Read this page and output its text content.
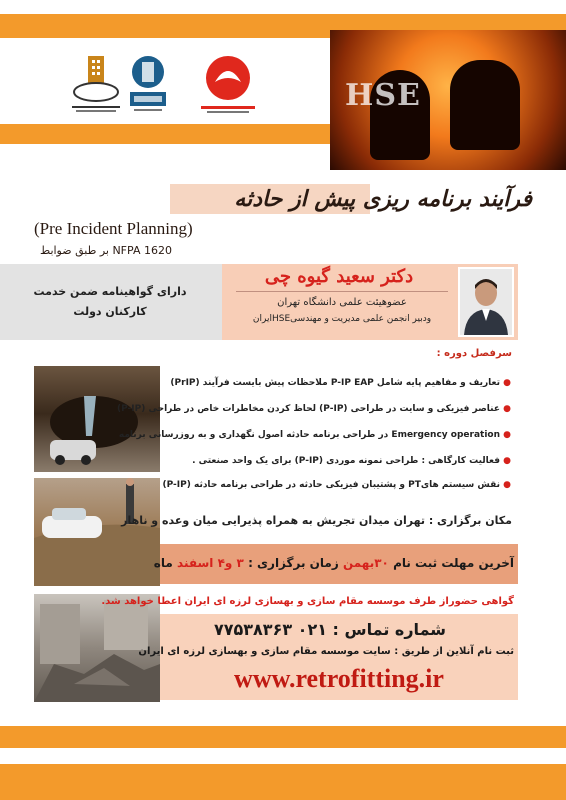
HSE
فرآیند برنامه ریزی پیش از حادثه
(Pre Incident Planning)
NFPA 1620 بر طبق ضوابط
دارای گواهینامه ضمن خدمت
کارکنان دولت
دکتر سعید گیوه چی
عضوهیئت علمی دانشگاه تهران
ودبیر انجمن علمی مدیریت و مهندسیHSEایران
سرفصل دوره :
● تعاریف و مفاهیم پایه شامل P-IP EAP ملاحظات پیش بایست فرآیند (PrIP)
● عناصر فیزیکی و سایت در طراحی (P-IP) لحاظ کردن مخاطرات خاص در طراحی (P-IP)
● Emergency operation در طراحی برنامه حادثه اصول نگهداری و به روزرسانی برنامه
● فعالیت کارگاهی : طراحی نمونه موردی (P-IP) برای یک واحد صنعتی .
● نقش سیستم هایPT و پشتیبان فیزیکی حادثه در طراحی برنامه حادثه (P-IP)
مکان برگزاری : تهران میدان تجریش به همراه پذیرایی میان وعده و ناهار
آخرین مهلت ثبت نام ۳۰بهمن زمان برگزاری : ۳ و۴ اسفند ماه
گواهی حضوراز طرف موسسه مقام سازی و بهسازی لرزه ای ایران اعطا خواهد شد.
شماره تماس : ۰۲۱ ۷۷۵۳۸۳۶۳
ثبت نام آنلاین از طریق : سایت موسسه مقام سازی و بهسازی لرزه ای ایران
www.retrofitting.ir
